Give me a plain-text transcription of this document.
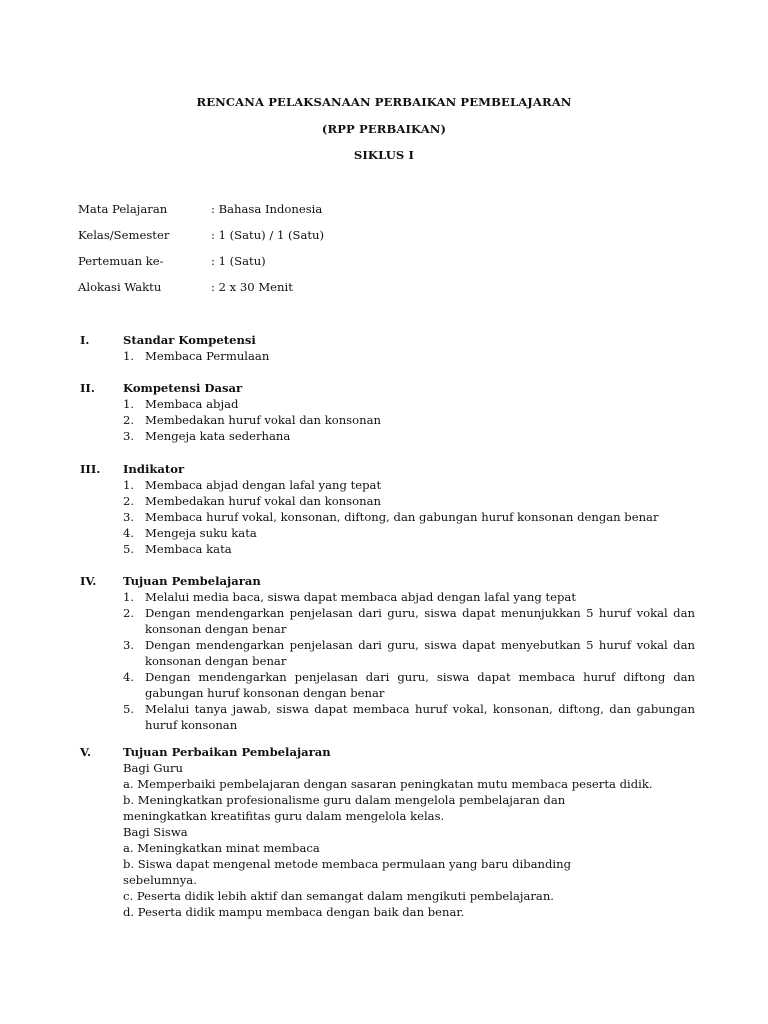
RENCANA PELAKSANAAN PERBAIKAN PEMBELAJARAN
(RPP PERBAIKAN)
SIKLUS I
Mata Pelajaran	: Bahasa Indonesia
Kelas/Semester	: 1 (Satu) / 1 (Satu)
Pertemuan ke-	: 1 (Satu)
Alokasi Waktu	: 2 x 30 Menit
I.	Standar Kompetensi
1. Membaca Permulaan
II. Kompetensi Dasar
1. Membaca abjad
2. Membedakan huruf vokal dan konsonan
3. Mengeja kata sederhana
III. Indikator
1. Membaca abjad dengan lafal yang tepat
2. Membedakan huruf vokal dan konsonan
3. Membaca huruf vokal, konsonan, diftong, dan gabungan huruf konsonan dengan benar
4. Mengeja suku kata
5. Membaca kata
IV. Tujuan Pembelajaran
1. Melalui media baca, siswa dapat membaca abjad dengan lafal yang tepat
2. Dengan mendengarkan penjelasan dari guru, siswa dapat menunjukkan 5 huruf vokal dan konsonan dengan benar
3. Dengan mendengarkan penjelasan dari guru, siswa dapat menyebutkan 5 huruf vokal dan konsonan dengan benar
4. Dengan mendengarkan penjelasan dari guru, siswa dapat membaca huruf diftong dan gabungan huruf konsonan dengan benar
5. Melalui tanya jawab, siswa dapat membaca huruf vokal, konsonan, diftong, dan gabungan huruf konsonan
V.	Tujuan Perbaikan Pembelajaran
Bagi Guru
a. Memperbaiki pembelajaran dengan sasaran peningkatan mutu membaca peserta didik.
b. Meningkatkan profesionalisme guru dalam mengelola pembelajaran dan
meningkatkan kreatifitas guru dalam mengelola kelas.
Bagi Siswa
a. Meningkatkan minat membaca
b. Siswa dapat mengenal metode membaca permulaan yang baru dibanding
sebelumnya.
c. Peserta didik lebih aktif dan semangat dalam mengikuti pembelajaran.
d. Peserta didik mampu membaca dengan baik dan benar.
